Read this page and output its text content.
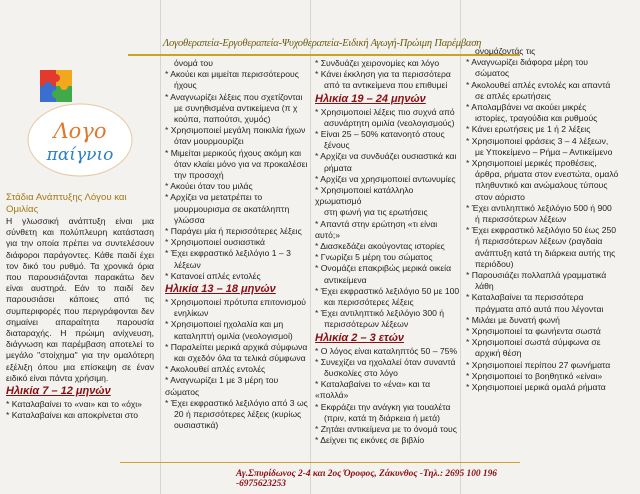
Λογοθεραπεία-Εργοθεραπεία-Ψυχοθεραπεία-Ειδική Αγωγή-Πρώιμη Παρέμβαση
Λογο
παίγνιο
Στάδια Ανάπτυξης Λόγου και Ομιλίας

Η γλωσσική ανάπτυξη είναι μια σύνθετη και πολύπλευρη κατάσταση για την οποία πρέπει να συντελέσουν διάφοροι παράγοντες. Κάθε παιδί έχει τον δικό του ρυθμό. Τα χρονικά όρια που παρουσιάζονται παρακάτω δεν είναι αυστηρά. Εάν το παιδί δεν παρουσιάσει κάποιες από τις συμπεριφορές που περιγράφονται δεν σημαίνει απαραίτητα παρουσία διαταραχής. Η πρώιμη ανίχνευση, διάγνωση και παρέμβαση αποτελεί το μεγάλο "στοίχημα" για την ομαλότερη εξέλιξη όπου μια επίσκεψη σε έναν ειδικό είναι πάντα χρήσιμη.

Ηλικία 7 – 12 μηνών

* Καταλαβαίνει το «ναι» και το «όχι»

* Καταλαβαίνει και αποκρίνεται στο

όνομά του

* Ακούει και μιμείται περισσότερους

ήχους

* Αναγνωρίζει λέξεις που σχετίζονται

με συνηθισμένα αντικείμενα (π χ

κούπα, παπούτσι, χυμός)

* Χρησιμοποιεί μεγάλη ποικιλία ήχων

όταν μουρμουρίζει

* Μιμείται μερικούς ήχους ακόμη και

όταν κλαίει μόνο για να προκαλέσει

την προσοχή

* Ακούει όταν του μιλάς

* Αρχίζει να μετατρέπει το

μουρμουρισμα σε ακατάληπτη γλώσσα

* Παράγει μία ή περισσότερες λέξεις

* Χρησιμοποιεί ουσιαστικά

* Έχει εκφραστικό λεξιλόγιο 1 – 3

λέξεων

* Κατανοεί απλές εντολές

Ηλικία 13 – 18 μηνών

* Χρησιμοποιεί πρότυπα επιτονισμού

ενηλίκων

* Χρησιμοποιεί ηχολαλία και μη

καταληπτή ομιλία (νεολογισμοί)

* Παραλείπει μερικά αρχικά σύμφωνα

και σχεδόν όλα τα τελικά σύμφωνα

* Ακολουθεί απλές εντολές

* Αναγνωρίζει 1 με 3 μέρη του σώματος

* Έχει εκφραστικό λεξιλόγιο από 3 ως

20 ή περισσότερες λέξεις (κυρίως

ουσιαστικά)

* Συνδυάζει χειρονομίες και λόγο

* Κάνει έκκληση για τα περισσότερα

από τα αντικείμενα που επιθυμεί

Ηλικία 19 – 24 μηνών

* Χρησιμοποιεί λέξεις πιο συχνά από

ασυνάρτητη ομιλία (νεολογισμούς)

* Είναι 25 – 50% κατανοητό στους

ξένους

* Αρχίζει να συνδυάζει ουσιαστικά και

ρήματα

* Αρχίζει να χρησιμοποιεί αντωνυμίες

* Χρησιμοποιεί κατάλληλο χρωματισμό

στη φωνή για τις ερωτήσεις

* Απαντά στην ερώτηση «τι είναι αυτό;»

* Διασκεδάζει ακούγοντας ιστορίες

* Γνωρίζει 5 μέρη του σώματος

* Ονομάζει επακριβώς μερικά οικεία

αντικείμενα

* Έχει εκφραστικό λεξιλόγιο 50 με 100

και περισσότερες λέξεις

* Έχει αντιληπτικό λεξιλόγιο 300 ή

περισσότερων λέξεων

Ηλικία 2 – 3 ετών

* Ο λόγος είναι καταληπτός 50 – 75%

* Συνεχίζει να ηχολαλεί όταν συναντά

δυσκολίες στο λόγο

* Καταλαβαίνει το «ένα» και τα «πολλά»

* Εκφράζει την ανάγκη για τουαλέτα

(πριν, κατά τη διάρκεια ή μετά)

* Ζητάει αντικείμενα με το όνομά τους

* Δείχνει τις εικόνες σε βιβλίο

ονομάζοντάς τις

* Αναγνωρίζει διάφορα μέρη του

σώματος

* Ακολουθεί απλές εντολές και απαντά

σε απλές ερωτήσεις

* Απολαμβάνει να ακούει μικρές

ιστορίες, τραγούδια και ρυθμούς

* Κάνει ερωτήσεις με 1 ή 2 λέξεις

* Χρησιμοποιεί φράσεις 3 – 4 λέξεων,

με Υποκείμενο – Ρήμα – Αντικείμενο

* Χρησιμοποιεί μερικές προθέσεις,

άρθρα, ρήματα στον ενεστώτα, ομαλό

πληθυντικό και ανώμαλους τύπους

στον αόριστο

* Έχει αντιληπτικό λεξιλόγιο 500 ή 900

ή περισσότερων λέξεων

* Έχει εκφραστικό λεξιλόγιο 50 έως 250

ή περισσότερων λέξεων (ραγδαία

ανάπτυξη κατά τη διάρκεια αυτής της

περιόδου)

* Παρουσιάζει πολλαπλά γραμματικά

λάθη

* Καταλαβαίνει τα περισσότερα

πράγματα από αυτά που λέγονται

* Μιλάει με δυνατή φωνή

* Χρησιμοποιεί τα φωνήεντα σωστά

* Χρησιμοποιεί σωστά σύμφωνα σε

αρχική θέση

* Χρησιμοποιεί περίπου 27 φωνήματα

* Χρησιμοποιεί το βοηθητικό «είναι»

* Χρησιμοποιεί μερικά ομαλά ρήματα

Αγ.Σπυρίδωνος 2-4 και 2ος Όροφος, Ζάκυνθος -Τηλ.: 2695 100 196 -6975623253
